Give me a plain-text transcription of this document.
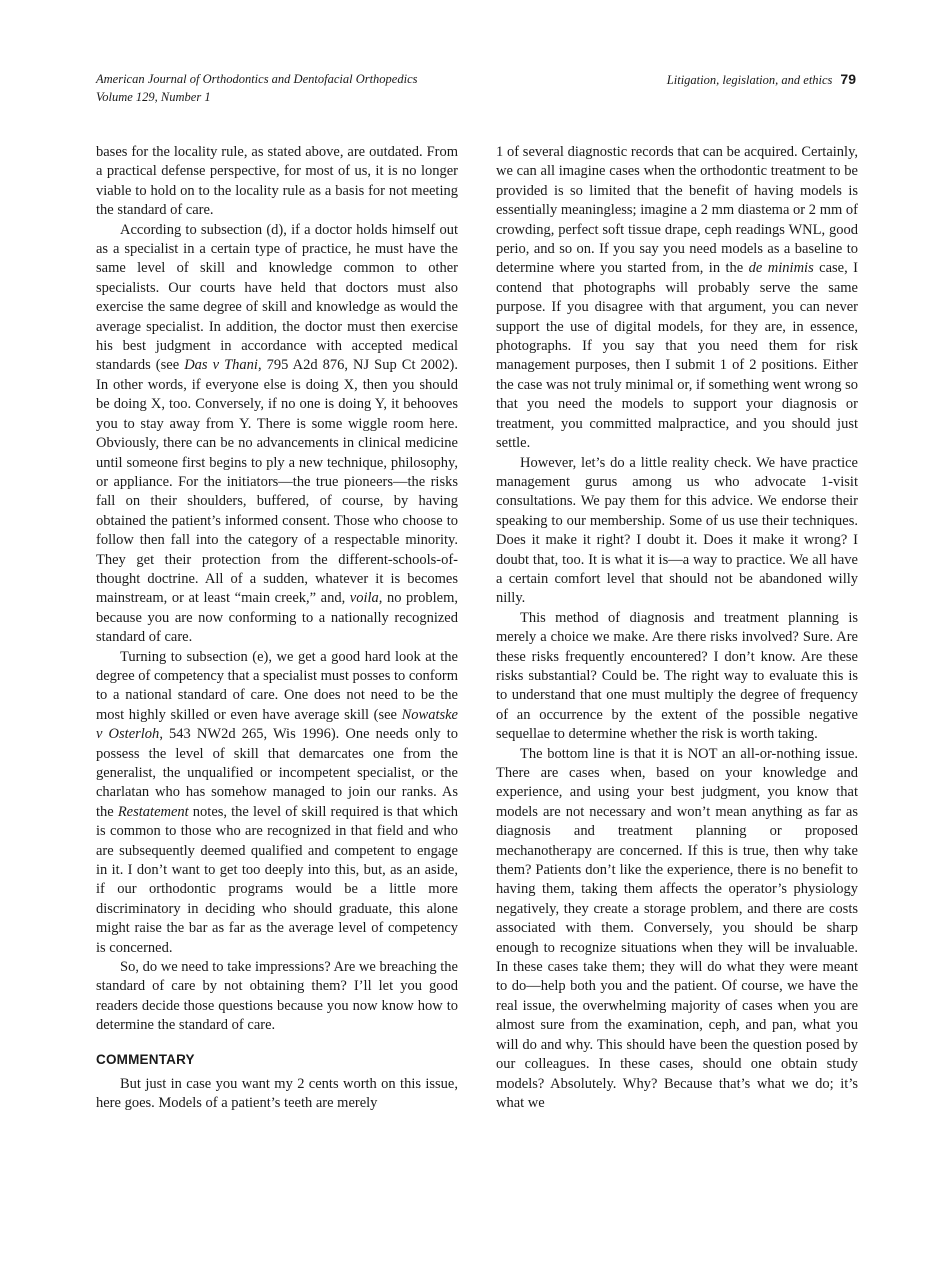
American Journal of Orthodontics and Dentofacial Orthopedics
Volume 129, Number 1
Litigation, legislation, and ethics 79

bases for the locality rule, as stated above, are outdated. From a practical defense perspective, for most of us, it is no longer viable to hold on to the locality rule as a basis for not meeting the standard of care.

According to subsection (d), if a doctor holds himself out as a specialist in a certain type of practice, he must have the same level of skill and knowledge common to other specialists. Our courts have held that doctors must also exercise the same degree of skill and knowledge as would the average specialist. In addition, the doctor must then exercise his best judgment in accordance with accepted medical standards (see Das v Thani, 795 A2d 876, NJ Sup Ct 2002). In other words, if everyone else is doing X, then you should be doing X, too. Conversely, if no one is doing Y, it behooves you to stay away from Y. There is some wiggle room here. Obviously, there can be no advancements in clinical medicine until someone first begins to ply a new technique, philosophy, or appliance. For the initiators—the true pioneers—the risks fall on their shoulders, buffered, of course, by having obtained the patient’s informed consent. Those who choose to follow then fall into the category of a respectable minority. They get their protection from the different-schools-of-thought doctrine. All of a sudden, whatever it is becomes mainstream, or at least “main creek,” and, voila, no problem, because you are now conforming to a nationally recognized standard of care.

Turning to subsection (e), we get a good hard look at the degree of competency that a specialist must posses to conform to a national standard of care. One does not need to be the most highly skilled or even have average skill (see Nowatske v Osterloh, 543 NW2d 265, Wis 1996). One needs only to possess the level of skill that demarcates one from the generalist, the unqualified or incompetent specialist, or the charlatan who has somehow managed to join our ranks. As the Restatement notes, the level of skill required is that which is common to those who are recognized in that field and who are subsequently deemed qualified and competent to engage in it. I don’t want to get too deeply into this, but, as an aside, if our orthodontic programs would be a little more discriminatory in deciding who should graduate, this alone might raise the bar as far as the average level of competency is concerned.

So, do we need to take impressions? Are we breaching the standard of care by not obtaining them? I’ll let you good readers decide those questions because you now know how to determine the standard of care.

COMMENTARY

But just in case you want my 2 cents worth on this issue, here goes. Models of a patient’s teeth are merely

1 of several diagnostic records that can be acquired. Certainly, we can all imagine cases when the orthodontic treatment to be provided is so limited that the benefit of having models is essentially meaningless; imagine a 2 mm diastema or 2 mm of crowding, perfect soft tissue drape, ceph readings WNL, good perio, and so on. If you say you need models as a baseline to determine where you started from, in the de minimis case, I contend that photographs will probably serve the same purpose. If you disagree with that argument, you can never support the use of digital models, for they are, in essence, photographs. If you say that you need them for risk management purposes, then I submit 1 of 2 positions. Either the case was not truly minimal or, if something went wrong so that you need the models to support your diagnosis or treatment, you committed malpractice, and you should just settle.

However, let’s do a little reality check. We have practice management gurus among us who advocate 1-visit consultations. We pay them for this advice. We endorse their speaking to our membership. Some of us use their techniques. Does it make it right? I doubt it. Does it make it wrong? I doubt that, too. It is what it is—a way to practice. We all have a certain comfort level that should not be abandoned willy nilly.

This method of diagnosis and treatment planning is merely a choice we make. Are there risks involved? Sure. Are these risks frequently encountered? I don’t know. Are these risks substantial? Could be. The right way to evaluate this is to understand that one must multiply the degree of frequency of an occurrence by the extent of the possible negative sequellae to determine whether the risk is worth taking.

The bottom line is that it is NOT an all-or-nothing issue. There are cases when, based on your knowledge and experience, and using your best judgment, you know that models are not necessary and won’t mean anything as far as diagnosis and treatment planning or proposed mechanotherapy are concerned. If this is true, then why take them? Patients don’t like the experience, there is no benefit to having them, taking them affects the operator’s physiology negatively, they create a storage problem, and there are costs associated with them. Conversely, you should be sharp enough to recognize situations when they will be invaluable. In these cases take them; they will do what they were meant to do—help both you and the patient. Of course, we have the real issue, the overwhelming majority of cases when you are almost sure from the examination, ceph, and pan, what you will do and why. This should have been the question posed by our colleagues. In these cases, should one obtain study models? Absolutely. Why? Because that’s what we do; it’s what we
